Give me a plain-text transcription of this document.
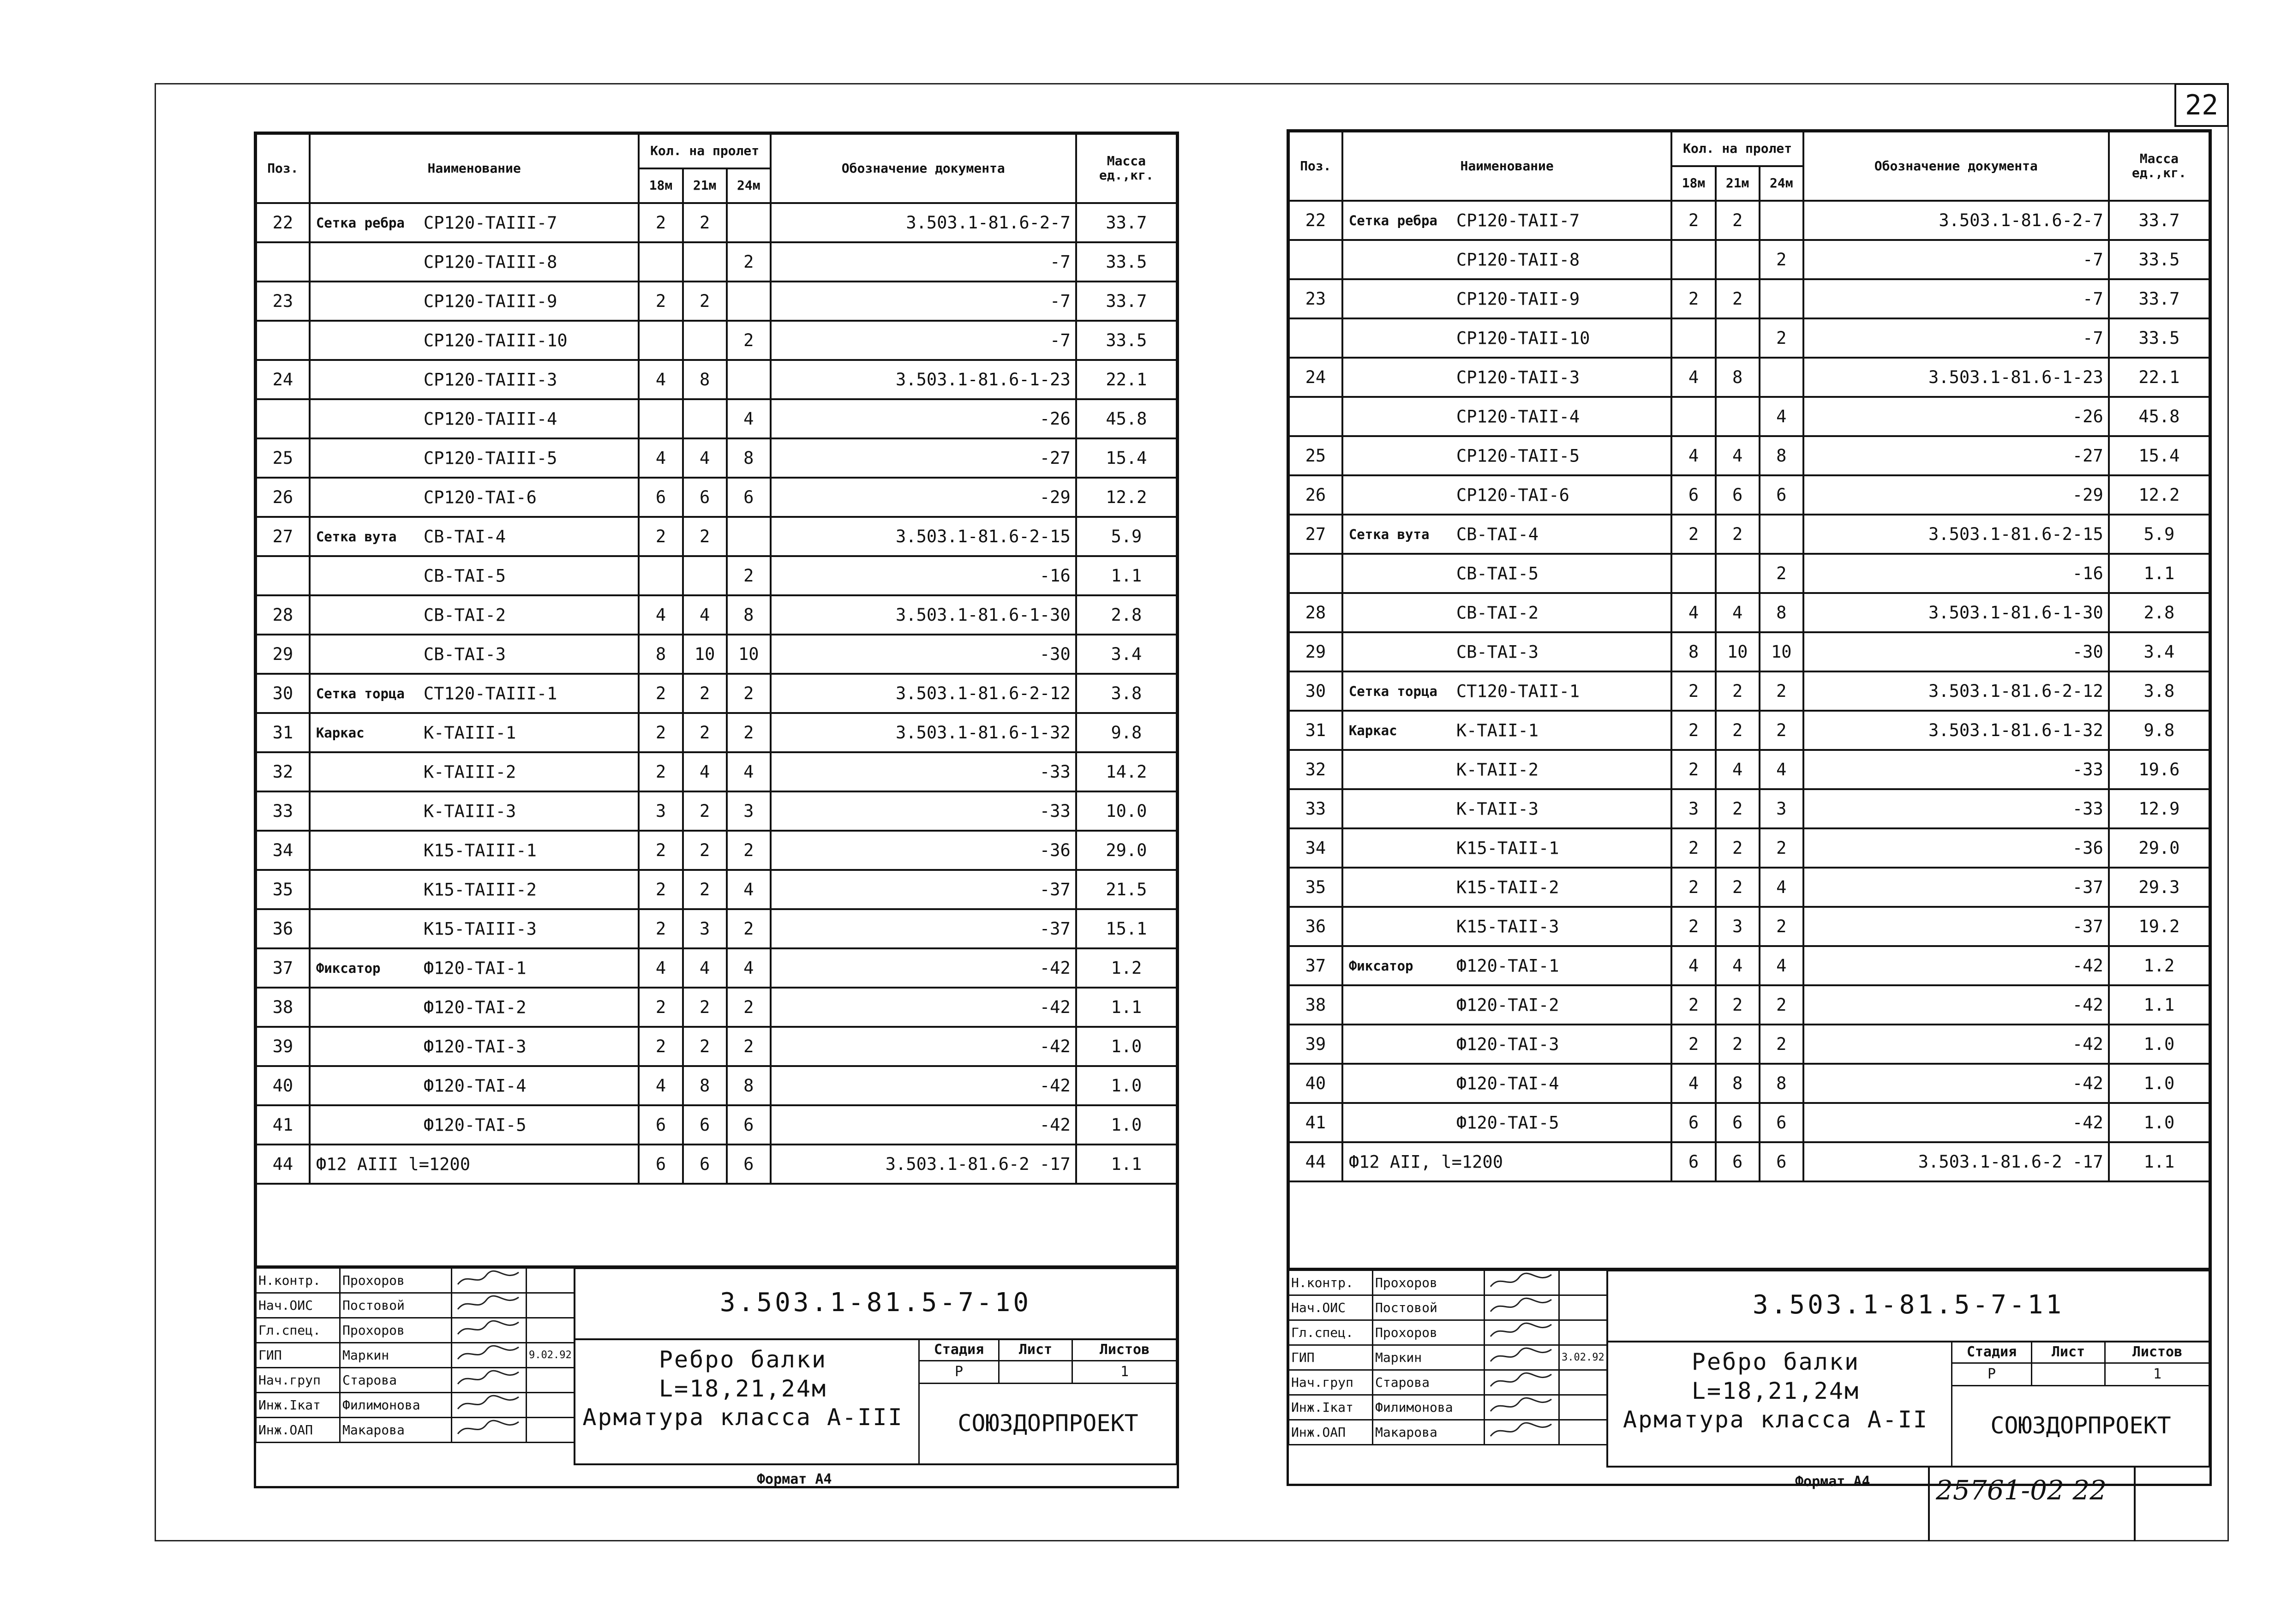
22
Поз.	Наименование	Кол. на пролет			Обозначение документа	Масса ед.,кг.
		18м	21м	24м		
22	Сетка ребра СР120-ТАIII-7	2	2		3.503.1-81.6-2-7	33.7

	СР120-ТАIII-8			2	-7	33.5
23	СР120-ТАIII-9	2	2		-7	33.7

	СР120-ТАIII-10			2	-7	33.5
24	СР120-ТАIII-3	4	8		3.503.1-81.6-1-23	22.1

	СР120-ТАIII-4			4	-26	45.8
25	СР120-ТАIII-5	4	4	8	-27	15.4
26	СР120-ТАI-6	6	6	6	-29	12.2
27	Сетка вута СВ-ТАI-4	2	2		3.503.1-81.6-2-15	5.9

	СВ-ТАI-5			2	-16	1.1
28	СВ-ТАI-2	4	4	8	3.503.1-81.6-1-30	2.8
29	СВ-ТАI-3	8	10	10	-30	3.4
30	Сетка торца СТ120-ТАIII-1	2	2	2	3.503.1-81.6-2-12	3.8
31	Каркас К-ТАIII-1	2	2	2	3.503.1-81.6-1-32	9.8
32	К-ТАIII-2	2	4	4	-33	14.2
33	К-ТАIII-3	3	2	3	-33	10.0
34	К15-ТАIII-1	2	2	2	-36	29.0
35	К15-ТАIII-2	2	2	4	-37	21.5
36	К15-ТАIII-3	2	3	2	-37	15.1
37	Фиксатор Ф120-ТАI-1	4	4	4	-42	1.2
38	Ф120-ТАI-2	2	2	2	-42	1.1
39	Ф120-ТАI-3	2	2	2	-42	1.0
40	Ф120-ТАI-4	4	8	8	-42	1.0
41	Ф120-ТАI-5	6	6	6	-42	1.0
44	Ф12 АIII l=1200	6	6	6	3.503.1-81.6-2 -17	1.1
Н.контр.	Прохоров		
Нач.ОИС	Постовой		
Гл.спец.	Прохоров		
ГИП	Маркин		9.02.92
Нач.груп	Старова		
Инж.Iкат	Филимонова		
Инж.ОАП	Макарова		
3.503.1-81.5-7-10
Ребро балки
L=18,21,24м
Арматура класса А-III
Стадия	Лист	Листов
Р	1
СОЮЗДОРПРОЕКТ
Формат А4
Поз.	Наименование	Кол. на пролет			Обозначение документа	Масса ед.,кг.
		18м	21м	24м		
22	Сетка ребра СР120-ТАII-7	2	2		3.503.1-81.6-2-7	33.7

	СР120-ТАII-8			2	-7	33.5
23	СР120-ТАII-9	2	2		-7	33.7

	СР120-ТАII-10			2	-7	33.5
24	СР120-ТАII-3	4	8		3.503.1-81.6-1-23	22.1

	СР120-ТАII-4			4	-26	45.8
25	СР120-ТАII-5	4	4	8	-27	15.4
26	СР120-ТАI-6	6	6	6	-29	12.2
27	Сетка вута СВ-ТАI-4	2	2		3.503.1-81.6-2-15	5.9

	СВ-ТАI-5			2	-16	1.1
28	СВ-ТАI-2	4	4	8	3.503.1-81.6-1-30	2.8
29	СВ-ТАI-3	8	10	10	-30	3.4
30	Сетка торца СТ120-ТАII-1	2	2	2	3.503.1-81.6-2-12	3.8
31	Каркас К-ТАII-1	2	2	2	3.503.1-81.6-1-32	9.8
32	К-ТАII-2	2	4	4	-33	19.6
33	К-ТАII-3	3	2	3	-33	12.9
34	К15-ТАII-1	2	2	2	-36	29.0
35	К15-ТАII-2	2	2	4	-37	29.3
36	К15-ТАII-3	2	3	2	-37	19.2
37	Фиксатор Ф120-ТАI-1	4	4	4	-42	1.2
38	Ф120-ТАI-2	2	2	2	-42	1.1
39	Ф120-ТАI-3	2	2	2	-42	1.0
40	Ф120-ТАI-4	4	8	8	-42	1.0
41	Ф120-ТАI-5	6	6	6	-42	1.0
44	Ф12 АII, l=1200	6	6	6	3.503.1-81.6-2 -17	1.1
Н.контр.	Прохоров		
Нач.ОИС	Постовой		
Гл.спец.	Прохоров		
ГИП	Маркин		3.02.92
Нач.груп	Старова		
Инж.Iкат	Филимонова		
Инж.ОАП	Макарова		
3.503.1-81.5-7-11
Ребро балки
L=18,21,24м
Арматура класса А-II
Стадия	Лист	Листов
Р	1
СОЮЗДОРПРОЕКТ
Формат А4 25761-02 22
